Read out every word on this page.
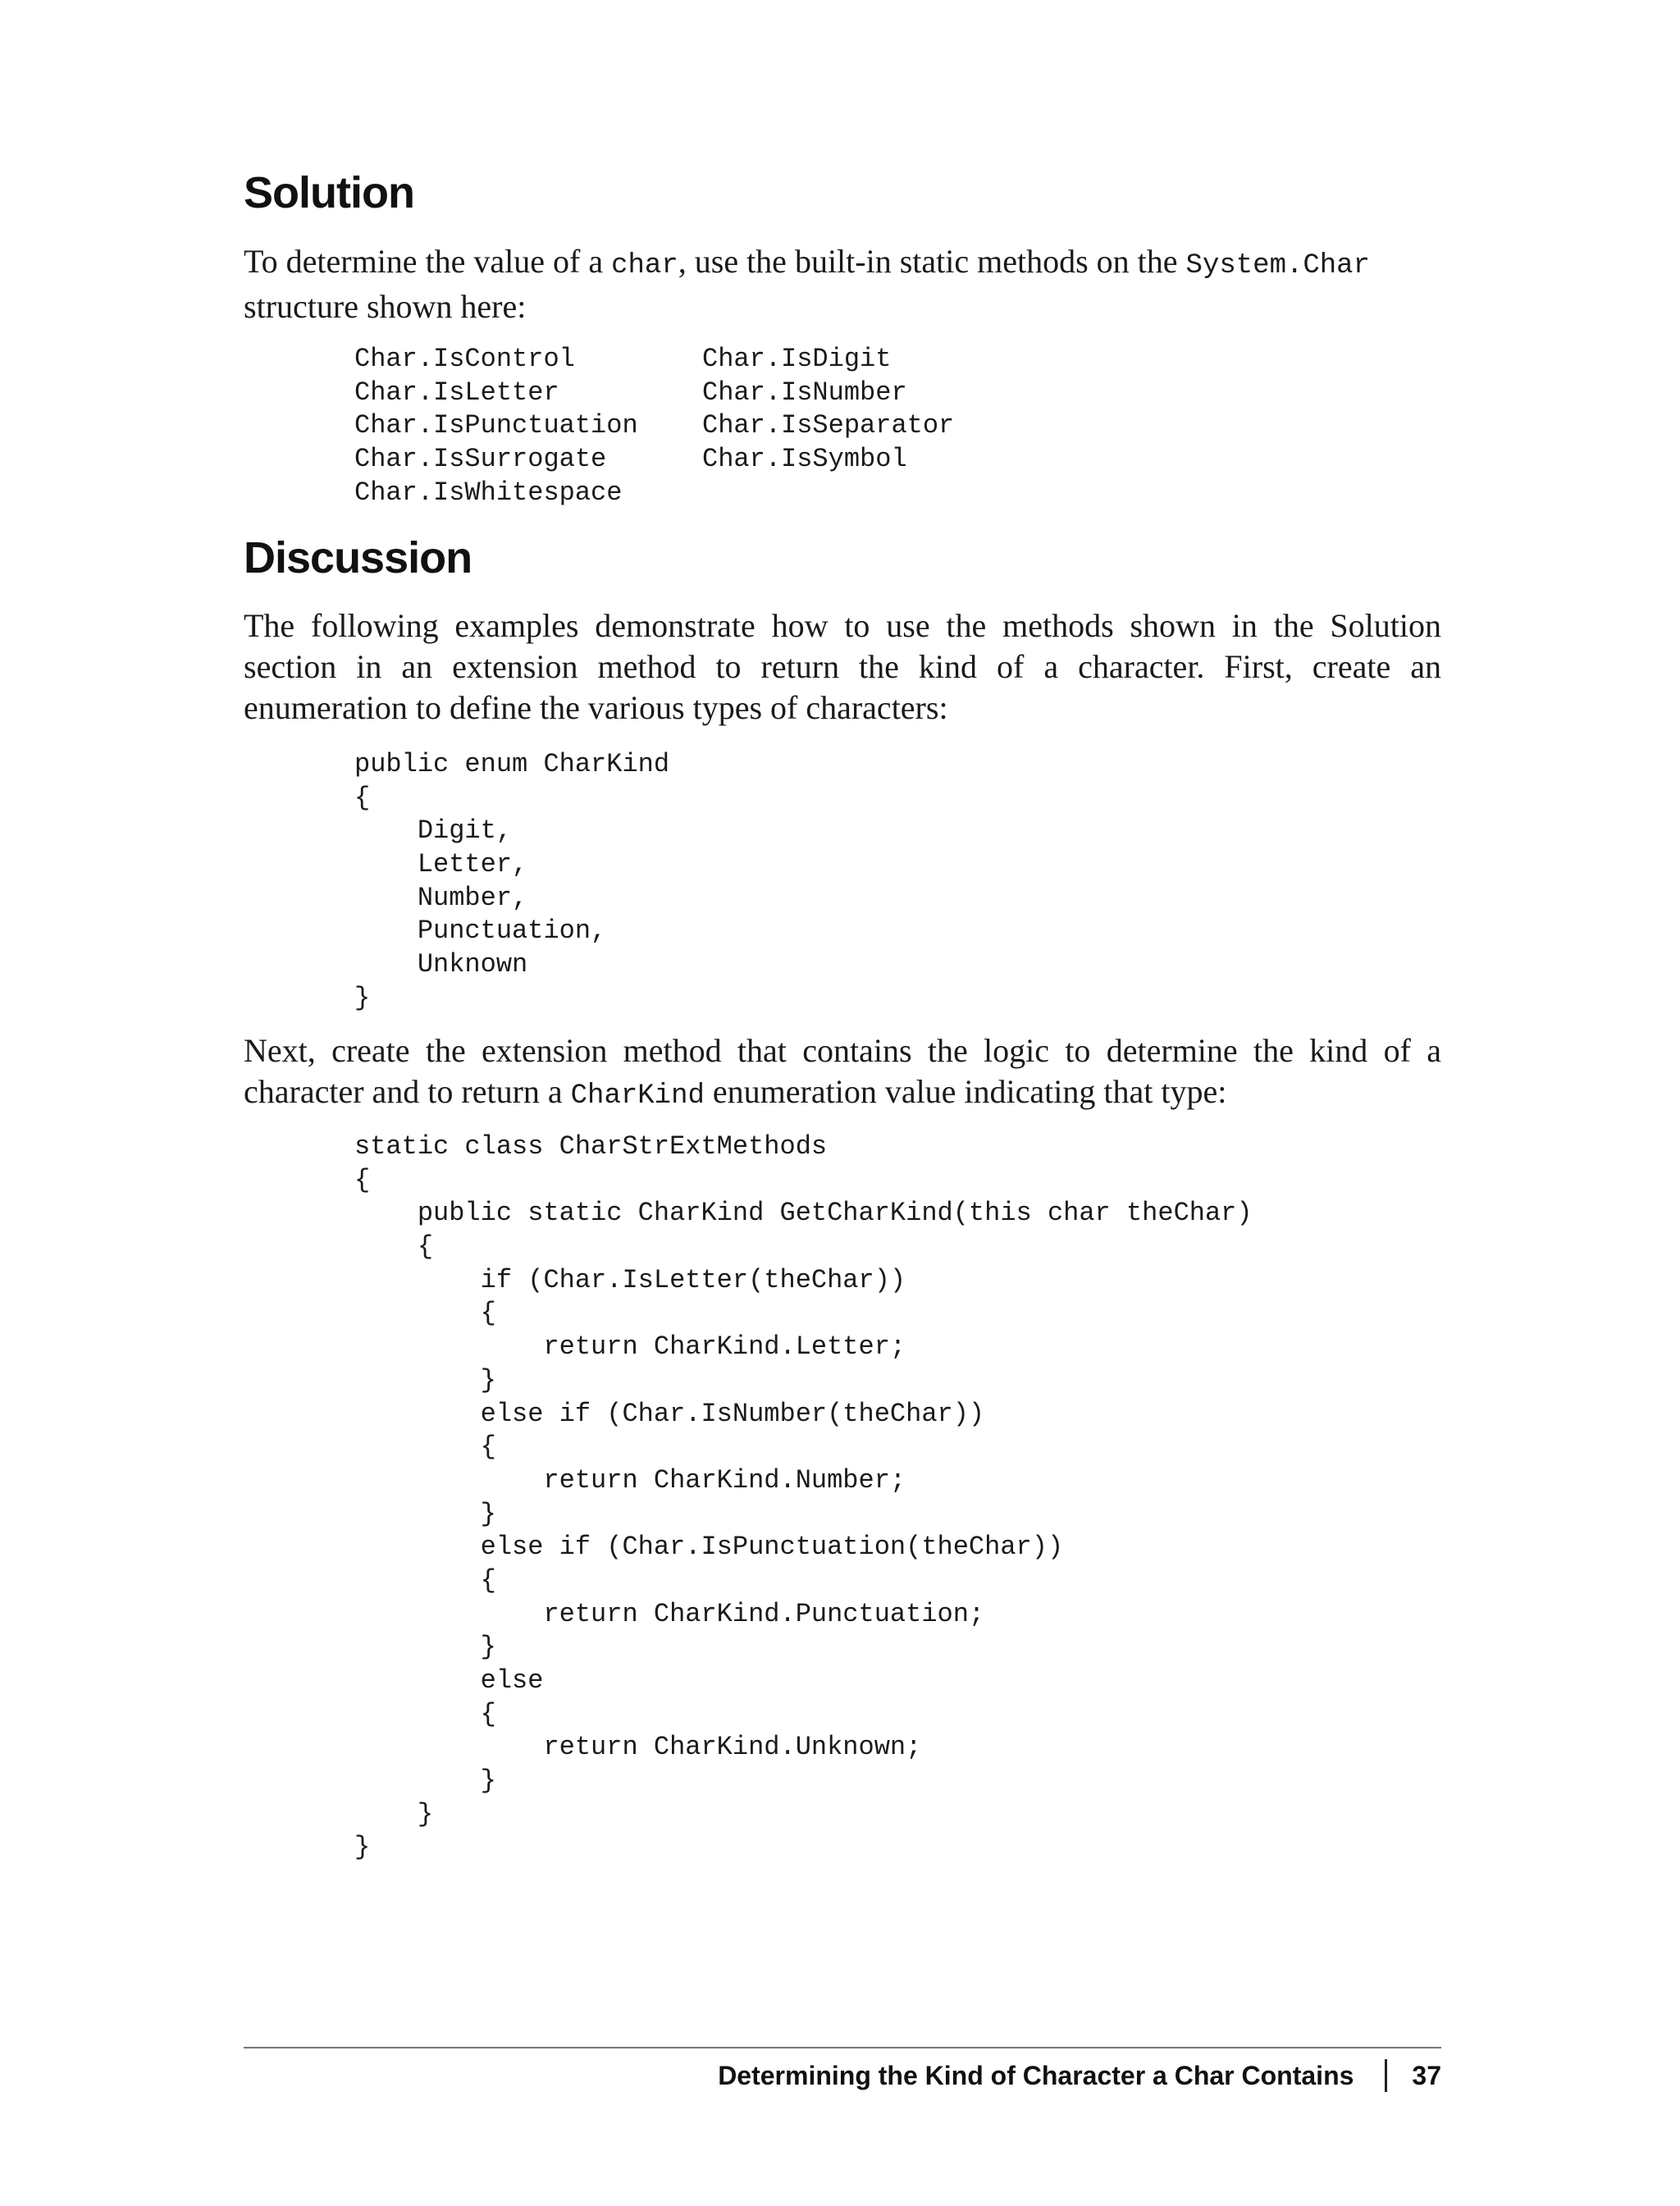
Solution

To determine the value of a char, use the built-in static methods on the System.Char structure shown here:

Char.IsControl
Char.IsLetter
Char.IsPunctuation
Char.IsSurrogate
Char.IsWhitespace
Char.IsDigit
Char.IsNumber
Char.IsSeparator
Char.IsSymbol
Discussion

The following examples demonstrate how to use the methods shown in the Solution section in an extension method to return the kind of a character. First, create an enumeration to define the various types of characters:

public enum CharKind
{
Digit,
Letter,
Number,
Punctuation,
Unknown
}

Next, create the extension method that contains the logic to determine the kind of a character and to return a CharKind enumeration value indicating that type:

static class CharStrExtMethods
{
public static CharKind GetCharKind(this char theChar)
{
if (Char.IsLetter(theChar))
{
return CharKind.Letter;
}
else if (Char.IsNumber(theChar))
{
return CharKind.Number;
}
else if (Char.IsPunctuation(theChar))
{
return CharKind.Punctuation;
}
else
{
return CharKind.Unknown;
}
}
}
Determining the Kind of Character a Char Contains 37
